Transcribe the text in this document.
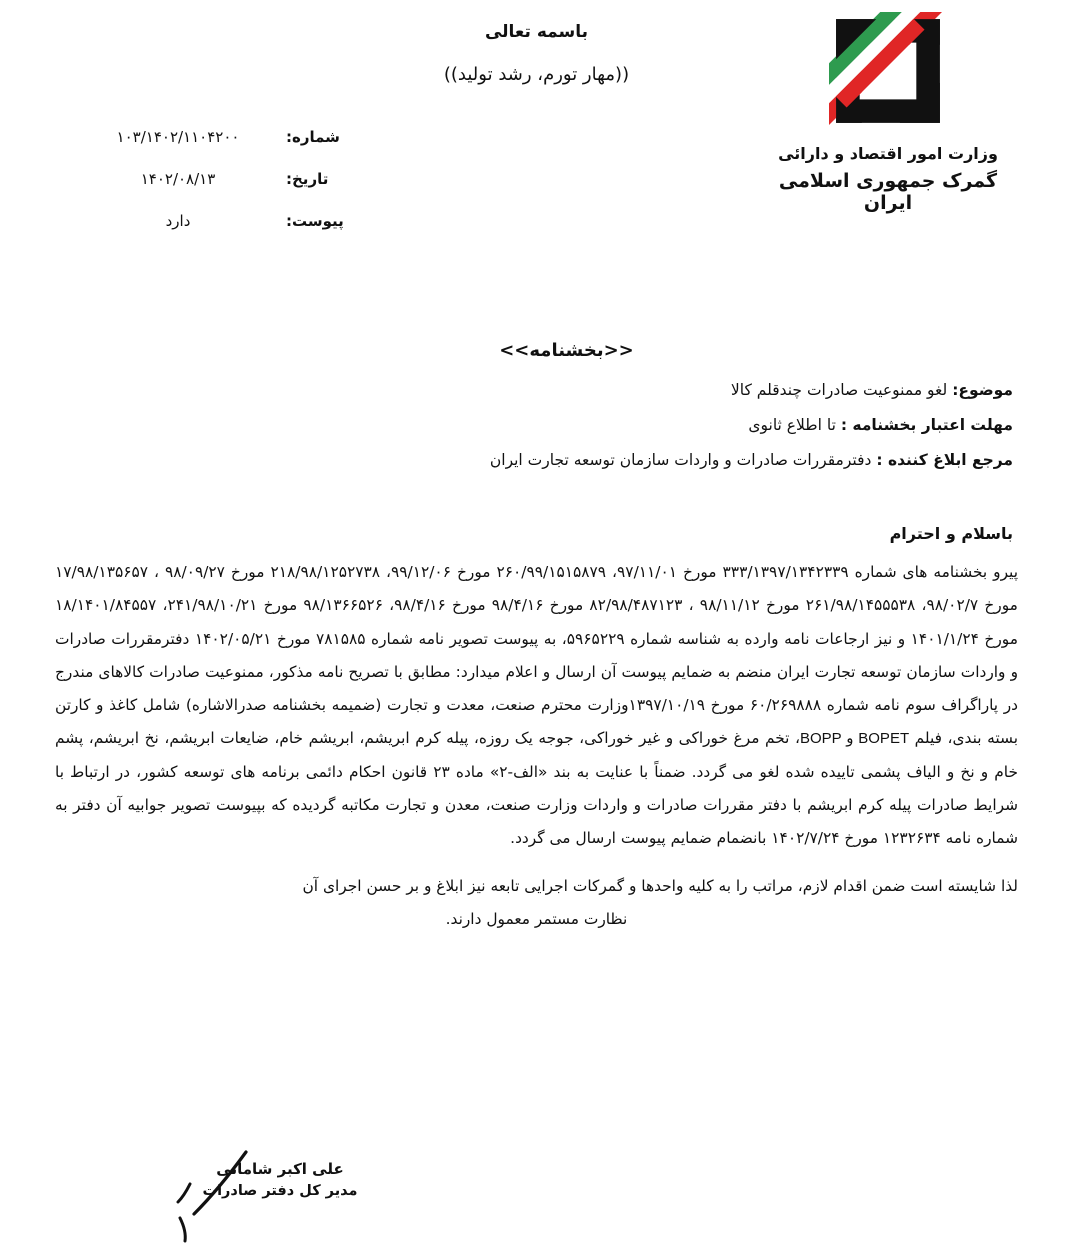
باسمه تعالی
((مهار تورم، رشد تولید))
وزارت امور اقتصاد و دارائی
گمرک جمهوری اسلامی ایران
شماره:
۱۰۳/۱۴۰۲/۱۱۰۴۲۰۰
تاریخ:
۱۴۰۲/۰۸/۱۳
پیوست:
دارد
<<بخشنامه>>
موضوع: لغو ممنوعیت صادرات چندقلم کالا
مهلت اعتبار بخشنامه : تا اطلاع ثانوی
مرجع ابلاغ کننده : دفترمقررات صادرات و واردات سازمان توسعه تجارت ایران
باسلام و احترام

پیرو بخشنامه های شماره ۳۳۳/۱۳۹۷/۱۳۴۲۳۳۹ مورخ ۹۷/۱۱/۰۱، ۲۶۰/۹۹/۱۵۱۵۸۷۹ مورخ ۹۹/۱۲/۰۶، ۲۱۸/۹۸/۱۲۵۲۷۳۸ مورخ ۹۸/۰۹/۲۷ ، ۱۷/۹۸/۱۳۵۶۵۷ مورخ ۹۸/۰۲/۷، ۲۶۱/۹۸/۱۴۵۵۵۳۸ مورخ ۹۸/۱۱/۱۲ ، ۸۲/۹۸/۴۸۷۱۲۳ مورخ ۹۸/۴/۱۶ مورخ ۹۸/۴/۱۶، ۹۸/۱۳۶۶۵۲۶ مورخ ۲۴۱/۹۸/۱۰/۲۱، ۱۸/۱۴۰۱/۸۴۵۵۷ مورخ ۱۴۰۱/۱/۲۴ و نیز ارجاعات نامه وارده به شناسه شماره ۵۹۶۵۲۲۹، به پیوست تصویر نامه شماره ۷۸۱۵۸۵ مورخ ۱۴۰۲/۰۵/۲۱ دفترمقررات صادرات و واردات سازمان توسعه تجارت ایران منضم به ضمایم پیوست آن ارسال و اعلام میدارد: مطابق با تصریح نامه مذکور، ممنوعیت صادرات کالاهای مندرج در پاراگراف سوم نامه شماره ۶۰/۲۶۹۸۸۸ مورخ ۱۳۹۷/۱۰/۱۹وزارت محترم صنعت، معدت و تجارت (ضمیمه بخشنامه صدرالاشاره) شامل کاغذ و کارتن بسته بندی، فیلم BOPP و BOPET، تخم مرغ خوراکی و غیر خوراکی، جوجه یک روزه، پیله کرم ابریشم، ابریشم خام، ضایعات ابریشم، نخ ابریشم، پشم خام و نخ و الیاف پشمی تاییده شده لغو می گردد. ضمناً با عنایت به بند «الف-۲» ماده ۲۳ قانون احکام دائمی برنامه های توسعه کشور، در ارتباط با شرایط صادرات پیله کرم ابریشم با دفتر مقررات صادرات و واردات وزارت صنعت، معدن و تجارت مکاتبه گردیده که بپیوست تصویر جوابیه آن دفتر به شماره نامه ۱۲۳۲۶۳۴ مورخ ۱۴۰۲/۷/۲۴ بانضمام ضمایم پیوست ارسال می گردد.

لذا شایسته است ضمن اقدام لازم، مراتب را به کلیه واحدها و گمرکات اجرایی تابعه نیز ابلاغ و بر حسن اجرای آن
نظارت مستمر معمول دارند.

علی اکبر شامانی
مدیر کل دفتر صادرات
